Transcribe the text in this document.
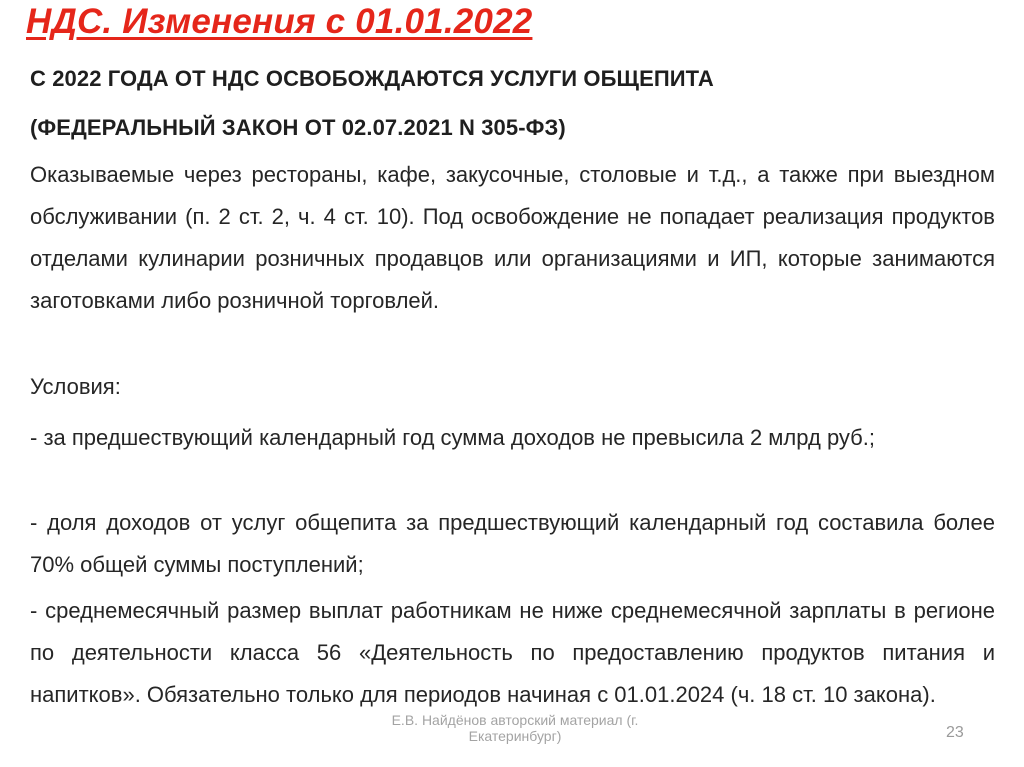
НДС. Изменения с 01.01.2022

С 2022 ГОДА ОТ НДС ОСВОБОЖДАЮТСЯ УСЛУГИ ОБЩЕПИТА

(ФЕДЕРАЛЬНЫЙ ЗАКОН ОТ 02.07.2021 N 305-ФЗ)

Оказываемые через рестораны, кафе, закусочные, столовые и т.д., а также при выездном обслуживании (п. 2 ст. 2, ч. 4 ст. 10). Под освобождение не попадает реализация продуктов отделами кулинарии розничных продавцов или организациями и ИП, которые занимаются заготовками либо розничной торговлей.

Условия:

- за предшествующий календарный год сумма доходов не превысила 2 млрд руб.;

- доля доходов от услуг общепита за предшествующий календарный год составила более 70% общей суммы поступлений;

- среднемесячный размер выплат работникам не ниже среднемесячной зарплаты в регионе по деятельности класса 56 «Деятельность по предоставлению продуктов питания и напитков». Обязательно только для периодов начиная с 01.01.2024 (ч. 18 ст. 10 закона).

Е.В. Найдёнов авторский материал (г. Екатеринбург)	23
